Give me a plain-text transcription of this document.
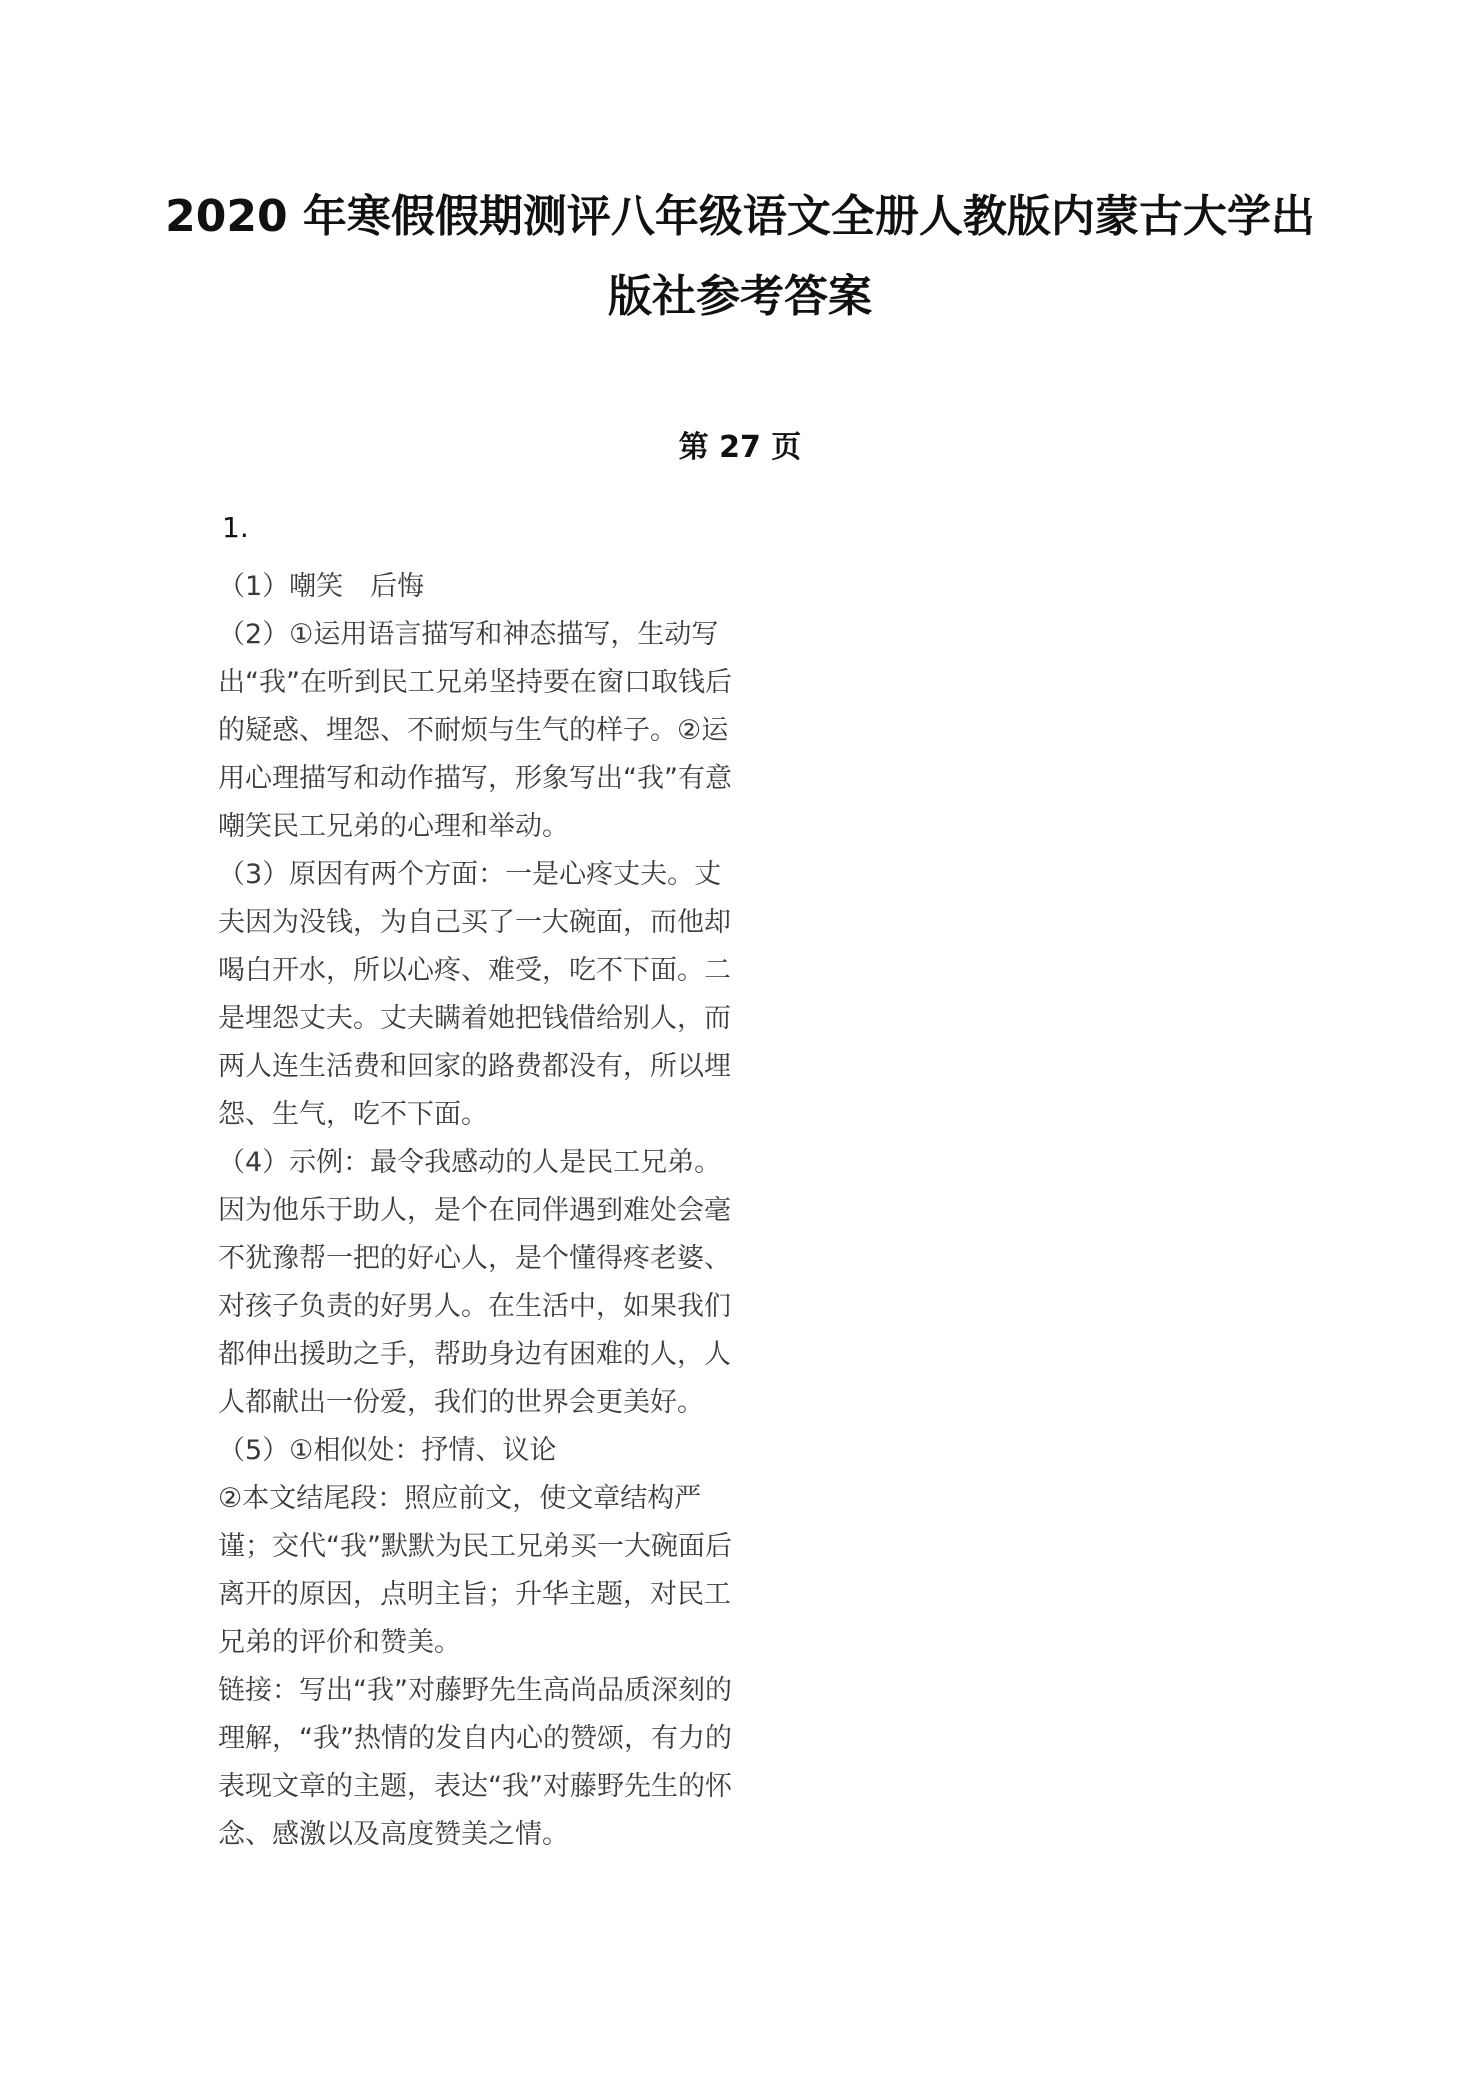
2020 年寒假假期测评八年级语文全册人教版内蒙古大学出
版社参考答案
第 27 页
1.
（1）嘲笑　后悔
（2）①运用语言描写和神态描写，生动写
出“我”在听到民工兄弟坚持要在窗口取钱后
的疑惑、埋怨、不耐烦与生气的样子。②运
用心理描写和动作描写，形象写出“我”有意
嘲笑民工兄弟的心理和举动。
（3）原因有两个方面：一是心疼丈夫。丈
夫因为没钱，为自己买了一大碗面，而他却
喝白开水，所以心疼、难受，吃不下面。二
是埋怨丈夫。丈夫瞒着她把钱借给别人，而
两人连生活费和回家的路费都没有，所以埋
怨、生气，吃不下面。
（4）示例：最令我感动的人是民工兄弟。
因为他乐于助人，是个在同伴遇到难处会毫
不犹豫帮一把的好心人，是个懂得疼老婆、
对孩子负责的好男人。在生活中，如果我们
都伸出援助之手，帮助身边有困难的人，人
人都献出一份爱，我们的世界会更美好。
（5）①相似处：抒情、议论
②本文结尾段：照应前文，使文章结构严
谨；交代“我”默默为民工兄弟买一大碗面后
离开的原因，点明主旨；升华主题，对民工
兄弟的评价和赞美。
链接：写出“我”对藤野先生高尚品质深刻的
理解，“我”热情的发自内心的赞颂，有力的
表现文章的主题，表达“我”对藤野先生的怀
念、感激以及高度赞美之情。
